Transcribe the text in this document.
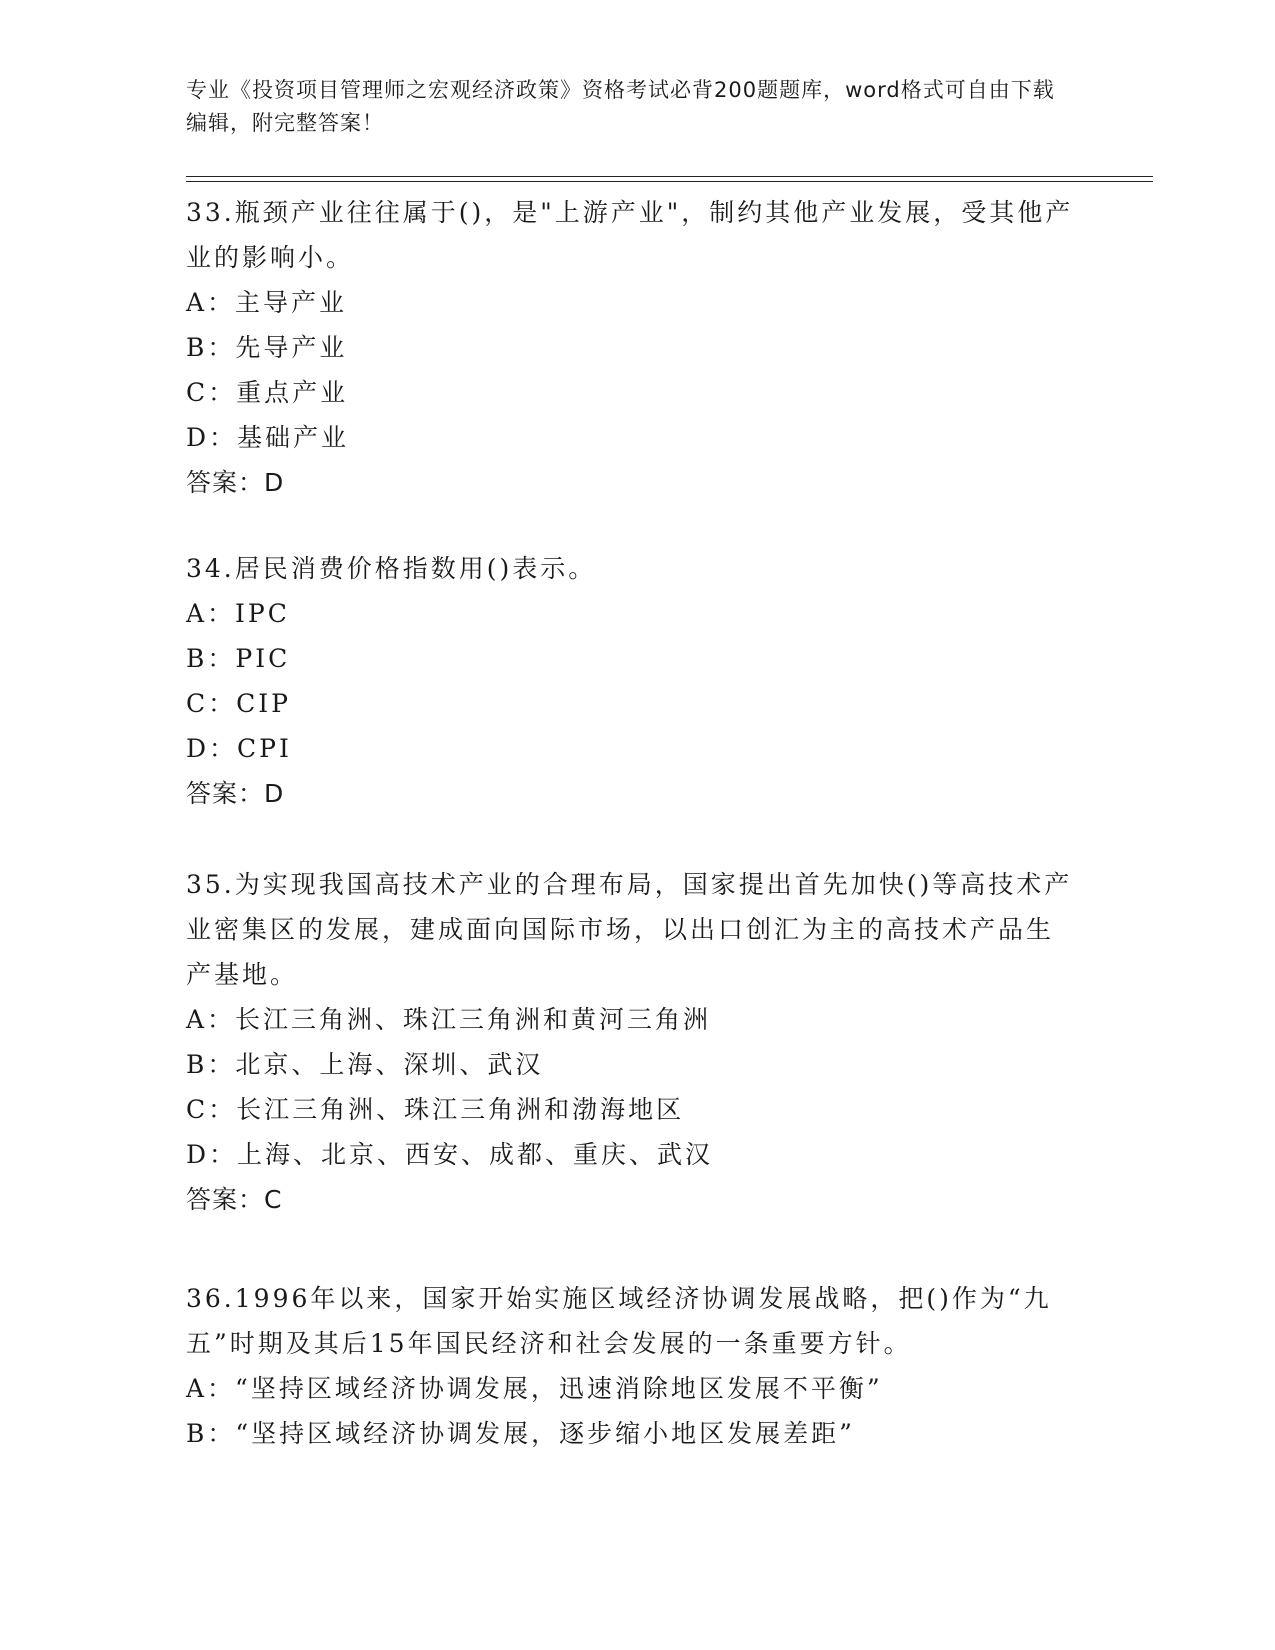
专业《投资项目管理师之宏观经济政策》资格考试必背200题题库，word格式可自由下载编辑，附完整答案！

33.瓶颈产业往往属于()，是"上游产业"，制约其他产业发展，受其他产业的影响小。

A：主导产业
B：先导产业
C：重点产业
D：基础产业
答案：D

34.居民消费价格指数用()表示。

A：IPC
B：PIC
C：CIP
D：CPI
答案：D

35.为实现我国高技术产业的合理布局，国家提出首先加快()等高技术产业密集区的发展，建成面向国际市场，以出口创汇为主的高技术产品生产基地。

A：长江三角洲、珠江三角洲和黄河三角洲
B：北京、上海、深圳、武汉
C：长江三角洲、珠江三角洲和渤海地区
D：上海、北京、西安、成都、重庆、武汉
答案：C

36.1996年以来，国家开始实施区域经济协调发展战略，把()作为“九五”时期及其后15年国民经济和社会发展的一条重要方针。

A：“坚持区域经济协调发展，迅速消除地区发展不平衡”
B：“坚持区域经济协调发展，逐步缩小地区发展差距”
